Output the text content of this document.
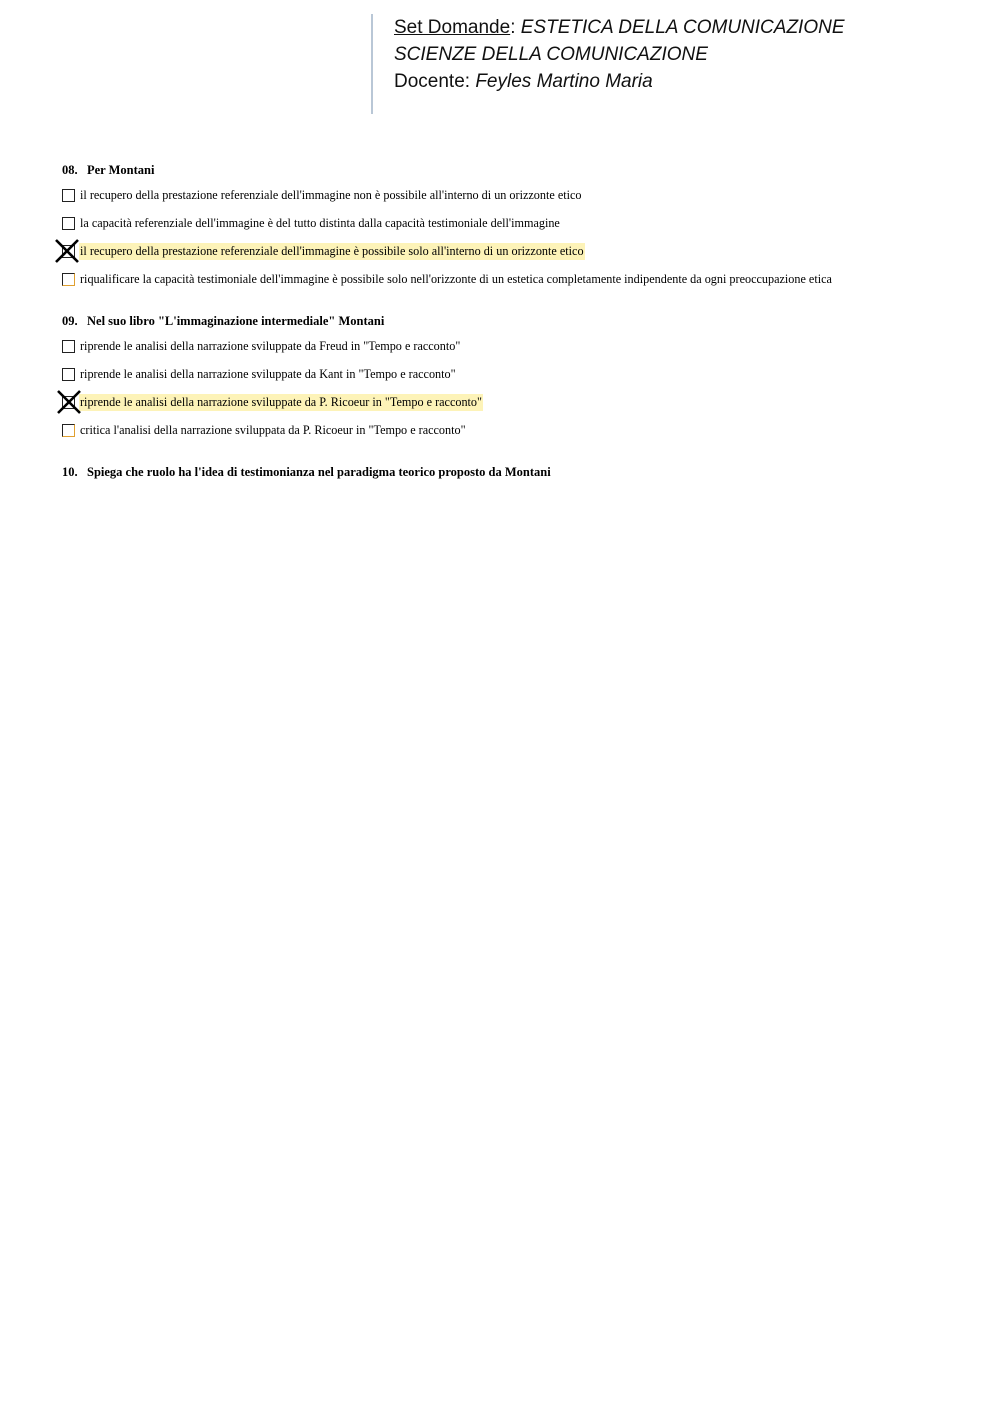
Set Domande: ESTETICA DELLA COMUNICAZIONE
SCIENZE DELLA COMUNICAZIONE
Docente: Feyles Martino Maria
08. Per Montani
il recupero della prestazione referenziale dell'immagine non è possibile all'interno di un orizzonte etico
la capacità referenziale dell'immagine è del tutto distinta dalla capacità testimoniale dell'immagine
il recupero della prestazione referenziale dell'immagine è possibile solo all'interno di un orizzonte etico
riqualificare la capacità testimoniale dell'immagine è possibile solo nell'orizzonte di un estetica completamente indipendente da ogni preoccupazione etica
09. Nel suo libro "L'immaginazione intermediale" Montani
riprende le analisi della narrazione sviluppate da Freud in "Tempo e racconto"
riprende le analisi della narrazione sviluppate da Kant in "Tempo e racconto"
riprende le analisi della narrazione sviluppate da P. Ricoeur in "Tempo e racconto"
critica l'analisi della narrazione sviluppata da P. Ricoeur in "Tempo e racconto"
10. Spiega che ruolo ha l'idea di testimonianza nel paradigma teorico proposto da Montani
